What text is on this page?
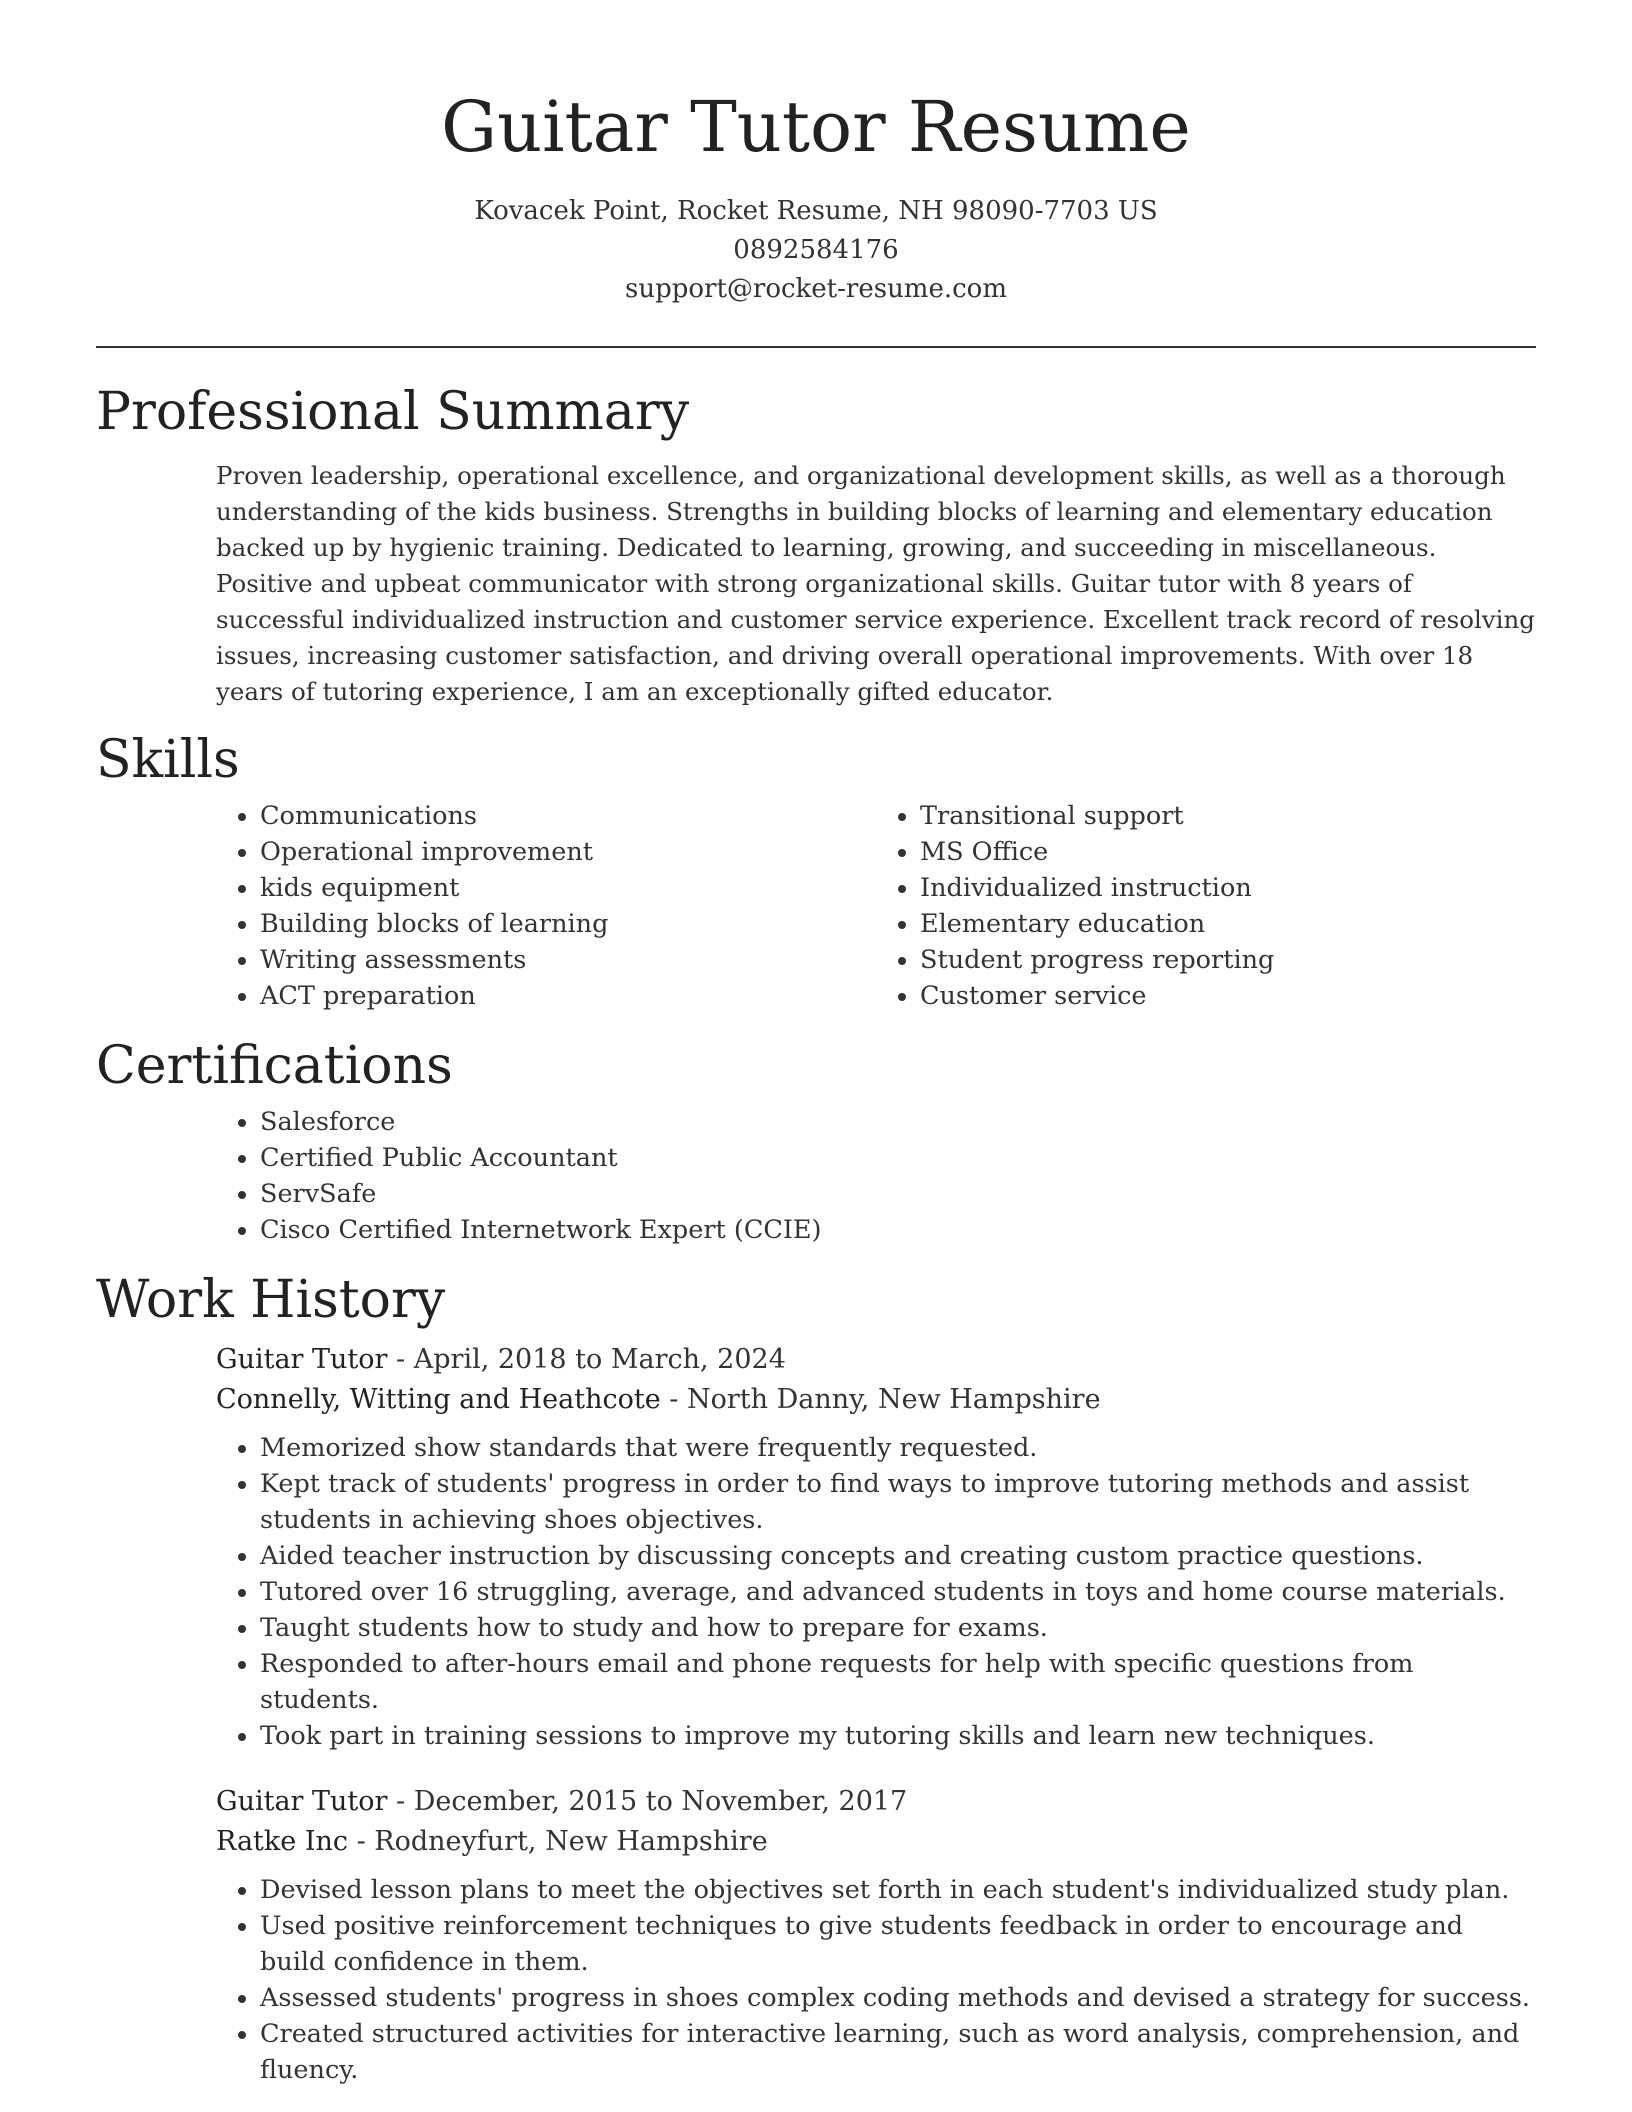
Guitar Tutor Resume
Kovacek Point, Rocket Resume, NH 98090-7703 US
0892584176
support@rocket-resume.com
Professional Summary
Proven leadership, operational excellence, and organizational development skills, as well as a thorough understanding of the kids business. Strengths in building blocks of learning and elementary education backed up by hygienic training. Dedicated to learning, growing, and succeeding in miscellaneous. Positive and upbeat communicator with strong organizational skills. Guitar tutor with 8 years of successful individualized instruction and customer service experience. Excellent track record of resolving issues, increasing customer satisfaction, and driving overall operational improvements. With over 18 years of tutoring experience, I am an exceptionally gifted educator.
Skills
• Communications
• Operational improvement
• kids equipment
• Building blocks of learning
• Writing assessments
• ACT preparation
• Transitional support
• MS Office
• Individualized instruction
• Elementary education
• Student progress reporting
• Customer service
Certifications
• Salesforce
• Certified Public Accountant
• ServSafe
• Cisco Certified Internetwork Expert (CCIE)
Work History
Guitar Tutor - April, 2018 to March, 2024
Connelly, Witting and Heathcote - North Danny, New Hampshire
• Memorized show standards that were frequently requested.
• Kept track of students' progress in order to find ways to improve tutoring methods and assist students in achieving shoes objectives.
• Aided teacher instruction by discussing concepts and creating custom practice questions.
• Tutored over 16 struggling, average, and advanced students in toys and home course materials.
• Taught students how to study and how to prepare for exams.
• Responded to after-hours email and phone requests for help with specific questions from students.
• Took part in training sessions to improve my tutoring skills and learn new techniques.
Guitar Tutor - December, 2015 to November, 2017
Ratke Inc - Rodneyfurt, New Hampshire
• Devised lesson plans to meet the objectives set forth in each student's individualized study plan.
• Used positive reinforcement techniques to give students feedback in order to encourage and build confidence in them.
• Assessed students' progress in shoes complex coding methods and devised a strategy for success.
• Created structured activities for interactive learning, such as word analysis, comprehension, and fluency.
